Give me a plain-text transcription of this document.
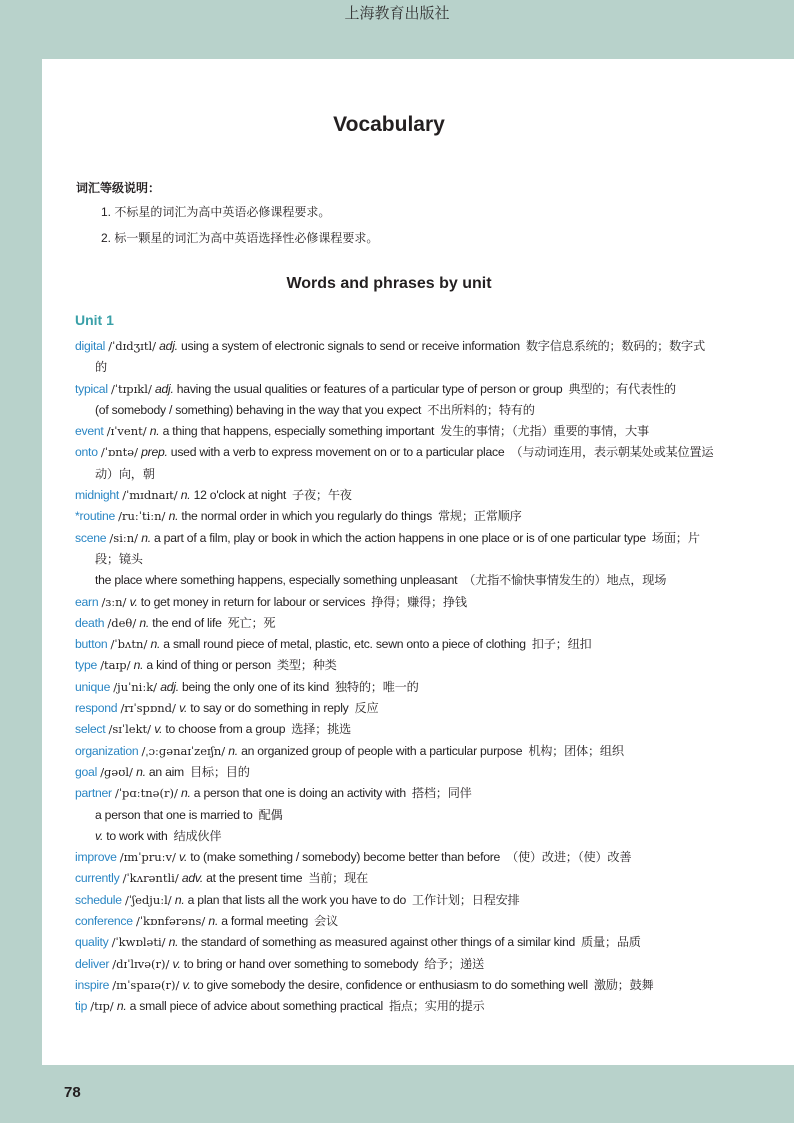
上海教育出版社
Vocabulary
词汇等级说明：
1. 不标星的词汇为高中英语必修课程要求。
2. 标一颗星的词汇为高中英语选择性必修课程要求。
Words and phrases by unit
Unit 1
digital /ˈdɪdʒɪtl/ adj. using a system of electronic signals to send or receive information 数字信息系统的；数码的；数字式的
typical /ˈtɪpɪkl/ adj. having the usual qualities or features of a particular type of person or group 典型的；有代表性的
(of somebody / something) behaving in the way that you expect 不出所料的；特有的
event /ɪˈvent/ n. a thing that happens, especially something important 发生的事情；（尤指）重要的事情，大事
onto /ˈɒntə/ prep. used with a verb to express movement on or to a particular place （与动词连用，表示朝某处或某位置运动）向，朝
midnight /ˈmɪdnaɪt/ n. 12 o'clock at night 子夜；午夜
*routine /ruːˈtiːn/ n. the normal order in which you regularly do things 常规；正常顺序
scene /siːn/ n. a part of a film, play or book in which the action happens in one place or is of one particular type 场面；片段；镜头
the place where something happens, especially something unpleasant （尤指不愉快事情发生的）地点，现场
earn /ɜːn/ v. to get money in return for labour or services 挣得；赚得；挣钱
death /deθ/ n. the end of life 死亡；死
button /ˈbʌtn/ n. a small round piece of metal, plastic, etc. sewn onto a piece of clothing 扣子；纽扣
type /taɪp/ n. a kind of thing or person 类型；种类
unique /juˈniːk/ adj. being the only one of its kind 独特的；唯一的
respond /rɪˈspɒnd/ v. to say or do something in reply 反应
select /sɪˈlekt/ v. to choose from a group 选择；挑选
organization /ˌɔːɡənaɪˈzeɪʃn/ n. an organized group of people with a particular purpose 机构；团体；组织
goal /ɡəʊl/ n. an aim 目标；目的
partner /ˈpɑːtnə(r)/ n. a person that one is doing an activity with 搭档；同伴
a person that one is married to 配偶
v. to work with 结成伙伴
improve /ɪmˈpruːv/ v. to (make something / somebody) become better than before （使）改进；（使）改善
currently /ˈkʌrəntli/ adv. at the present time 当前；现在
schedule /ˈʃedjuːl/ n. a plan that lists all the work you have to do 工作计划；日程安排
conference /ˈkɒnfərəns/ n. a formal meeting 会议
quality /ˈkwɒləti/ n. the standard of something as measured against other things of a similar kind 质量；品质
deliver /dɪˈlɪvə(r)/ v. to bring or hand over something to somebody 给予；递送
inspire /ɪnˈspaɪə(r)/ v. to give somebody the desire, confidence or enthusiasm to do something well 激励；鼓舞
tip /tɪp/ n. a small piece of advice about something practical 指点；实用的提示
78
